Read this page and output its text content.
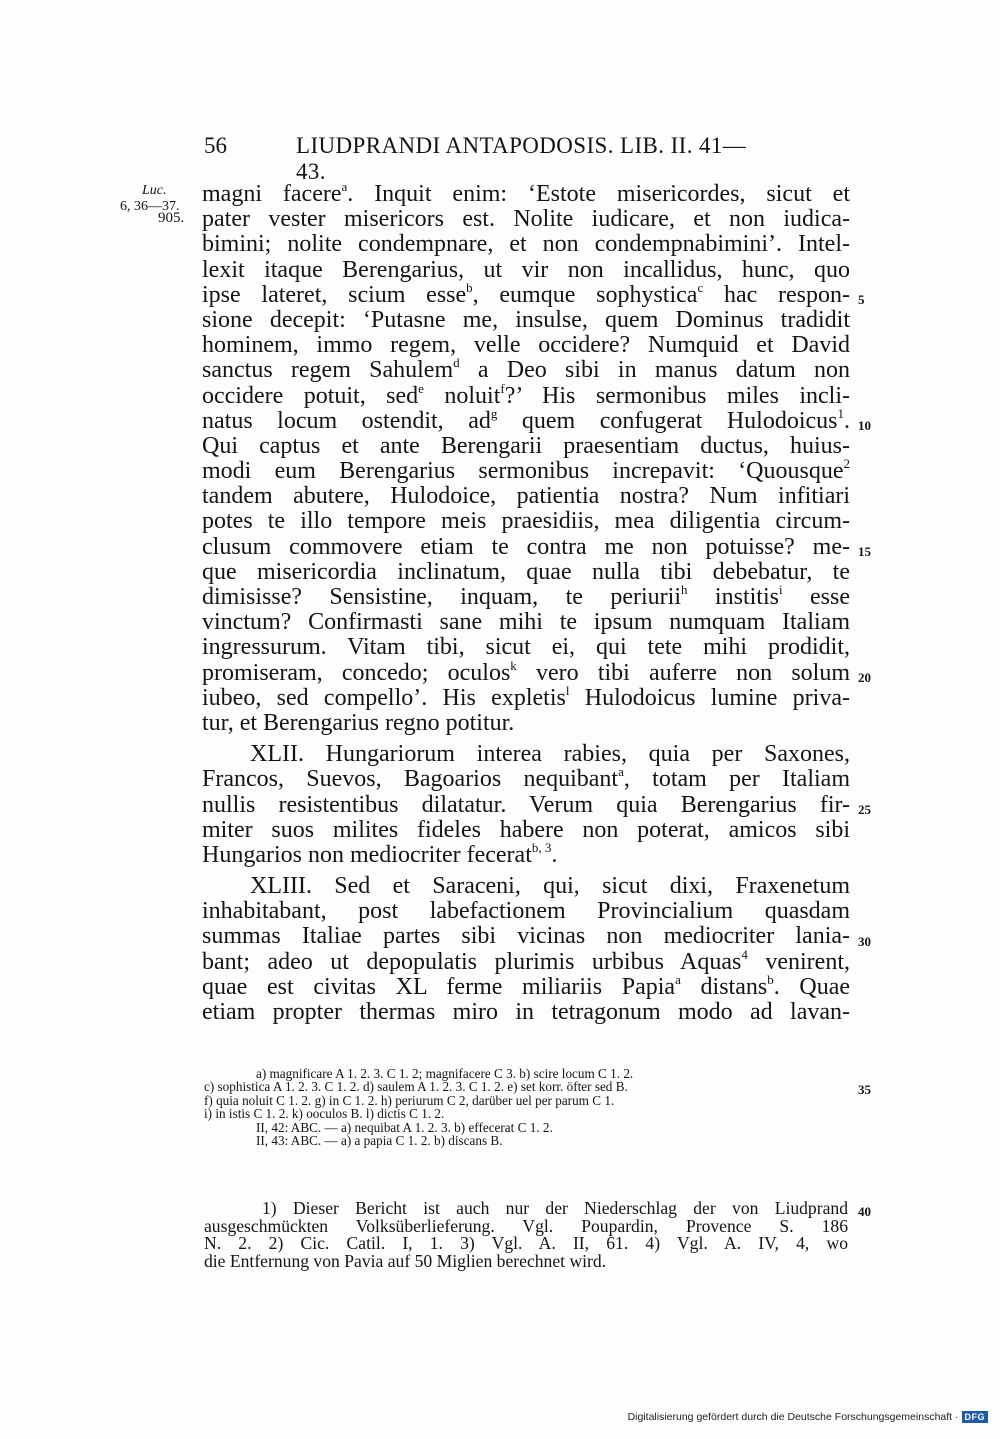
56	LIUDPRANDI ANTAPODOSIS. LIB. II. 41—43.
Luc.
6, 36—37.
905.
magni facere$^a$. Inquit enim: ‘Estote misericordes, sicut et
pater vester misericors est. Nolite iudicare, et non iudica-
bimini; nolite condempnare, et non condempnabimini’. Intel-
lexit itaque Berengarius, ut vir non incallidus, hunc, quo
ipse lateret, scium esse$^b$, eumque sophystica$^c$ hac respon-
sione decepit: ‘Putasne me, insulse, quem Dominus tradidit
hominem, immo regem, velle occidere? Numquid et David
sanctus regem Sahulem$^d$ a Deo sibi in manus datum non
occidere potuit, sed$^e$ noluit$^f$?’ His sermonibus miles incli-
natus locum ostendit, $ad^g$ quem confugerat Hulodoicus$^1$.
Qui captus et ante Berengarii praesentiam ductus, huius-
modi eum Berengarius sermonibus increpavit: ‘Quousque$^2$
tandem abutere, Hulodoice, patientia nostra? Num infitiari
potes te illo tempore meis praesidiis, mea diligentia circum-
clusum commovere etiam te contra me non potuisse? me-
que misericordia inclinatum, quae nulla tibi debebatur, te
dimisisse? Sensistine, inquam, te periurii$^h$ institis$^i$ esse
vinctum? Confirmasti sane mihi te ipsum numquam Italiam
ingressurum. Vitam tibi, sicut ei, qui tete mihi prodidit,
promiseram, concedo; oculos$^k$ vero tibi auferre non solum
iubeo, sed compello’. His expletis$^l$ Hulodoicus lumine priva-
tur, et Berengarius regno potitur.
XLII. Hungariorum interea rabies, quia per Saxones,
Francos, Suevos, Bagoarios nequibant$^a$, totam per Italiam
nullis resistentibus dilatatur. Verum quia Berengarius fir-
miter suos milites fideles habere non poterat, amicos sibi
Hungarios non mediocriter fecerat$^{b, 3}$.
XLIII. Sed et Saraceni, qui, sicut dixi, Fraxenetum
inhabitabant, post labefactionem Provincialium quasdam
summas Italiae partes sibi vicinas non mediocriter lania-
bant; adeo ut depopulatis plurimis urbibus Aquas$^4$ venirent,
quae est civitas XL ferme miliariis Papia$^a$ distans$^b$. Quae
etiam propter thermas miro in tetragonum modo ad lavan-
5
10
15
20
25
30
35
40
a) magnificare A 1. 2. 3. C 1. 2; magnifacere C 3. b) scire locum C 1. 2.
c) sophistica A 1. 2. 3. C 1. 2. d) saulem A 1. 2. 3. C 1. 2. e) set korr. öfter sed B.
f) quia noluit C 1. 2. g) in C 1. 2. h) periurum C 2, darüber uel per parum C 1.
i) in istis C 1. 2. k) ooculos B. l) dictis C 1. 2.
II, 42: ABC. — a) nequibat A 1. 2. 3. b) effecerat C 1. 2.
II, 43: ABC. — a) a papia C 1. 2. b) discans B.
1) Dieser Bericht ist auch nur der Niederschlag der von Liudprand
ausgeschmückten Volksüberlieferung. Vgl. Poupardin, Provence S. 186
N. 2. 2) Cic. Catil. I, 1. 3) Vgl. A. II, 61. 4) Vgl. A. IV, 4, wo
die Entfernung von Pavia auf 50 Miglien berechnet wird.
Digitalisierung gefördert durch die Deutsche Forschungsgemeinschaft · DFG
